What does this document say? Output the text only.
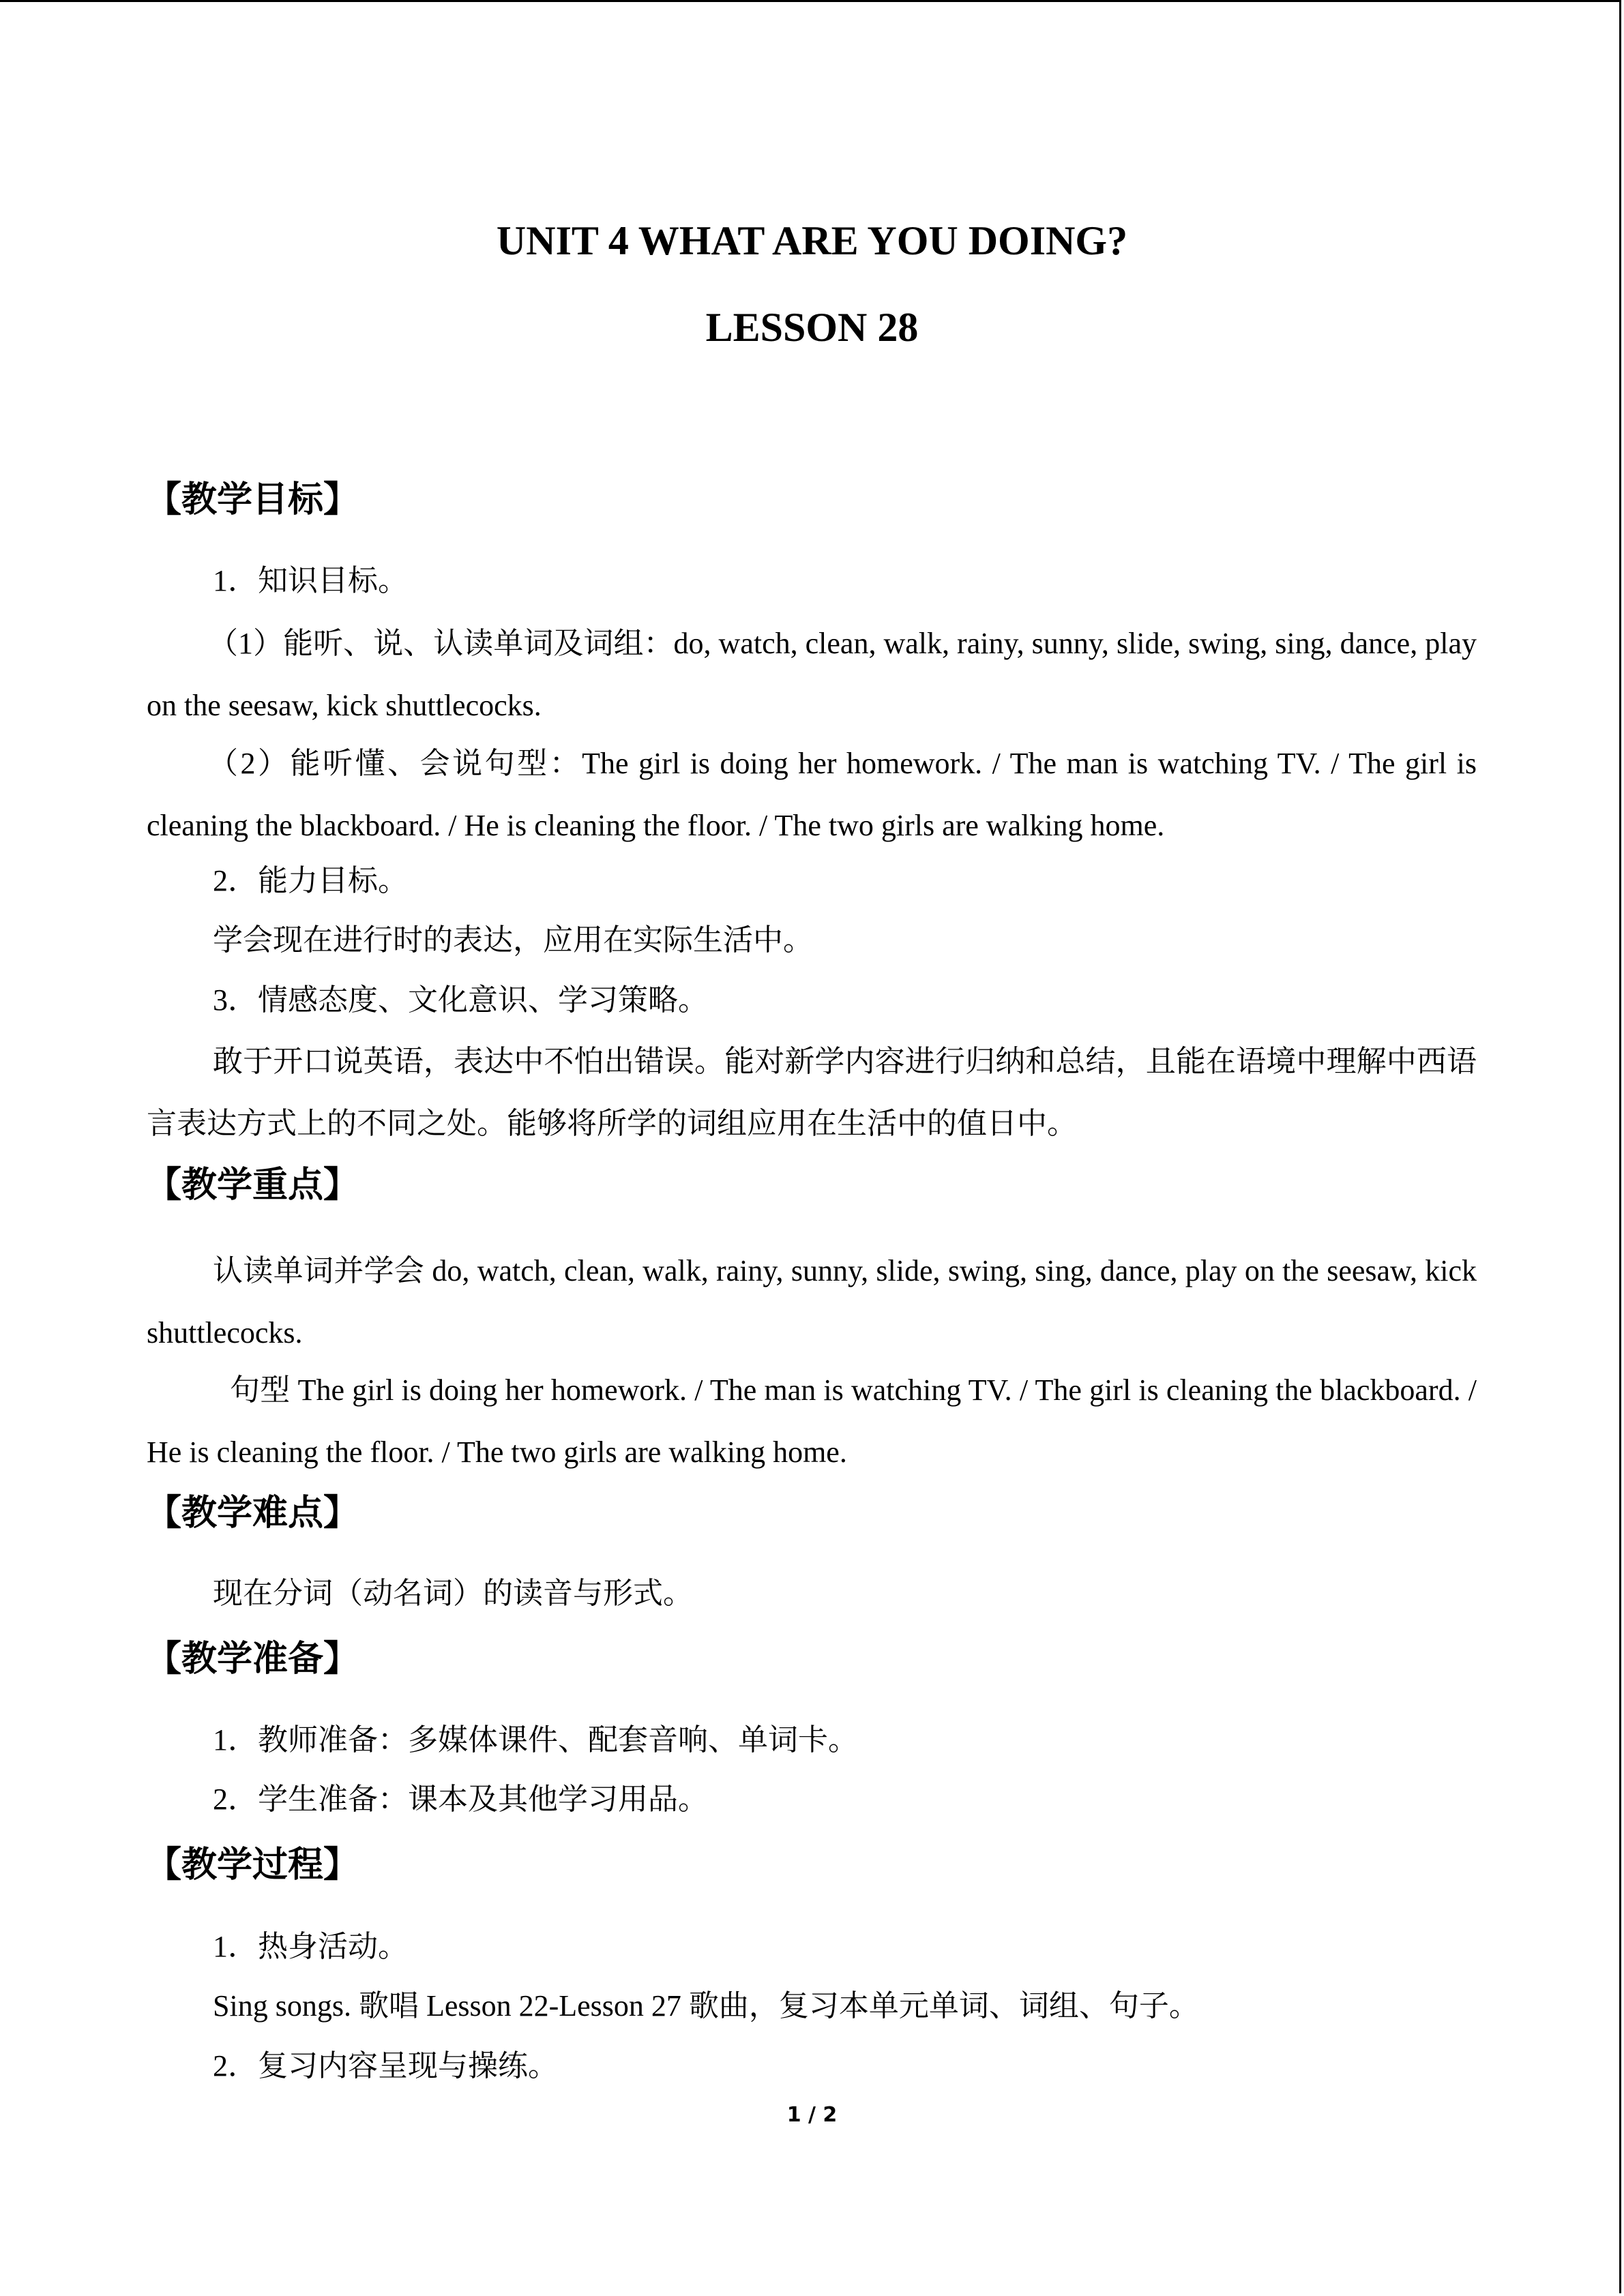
UNIT 4 WHAT ARE YOU DOING?
LESSON 28
【教学目标】
1．知识目标。
（1）能听、说、认读单词及词组：do, watch, clean, walk, rainy, sunny, slide, swing, sing, dance, play on the seesaw, kick shuttlecocks.
（2）能听懂、会说句型：The girl is doing her homework. / The man is watching TV. / The girl is cleaning the blackboard. / He is cleaning the floor. / The two girls are walking home.
2．能力目标。
学会现在进行时的表达，应用在实际生活中。
3．情感态度、文化意识、学习策略。
敢于开口说英语，表达中不怕出错误。能对新学内容进行归纳和总结，且能在语境中理解中西语言表达方式上的不同之处。能够将所学的词组应用在生活中的值日中。
【教学重点】
认读单词并学会 do, watch, clean, walk, rainy, sunny, slide, swing, sing, dance, play on the seesaw, kick shuttlecocks.
句型 The girl is doing her homework. / The man is watching TV. / The girl is cleaning the blackboard. / He is cleaning the floor. / The two girls are walking home.
【教学难点】
现在分词（动名词）的读音与形式。
【教学准备】
1．教师准备：多媒体课件、配套音响、单词卡。
2．学生准备：课本及其他学习用品。
【教学过程】
1．热身活动。
Sing songs. 歌唱 Lesson 22-Lesson 27 歌曲，复习本单元单词、词组、句子。
2．复习内容呈现与操练。
1 / 2
